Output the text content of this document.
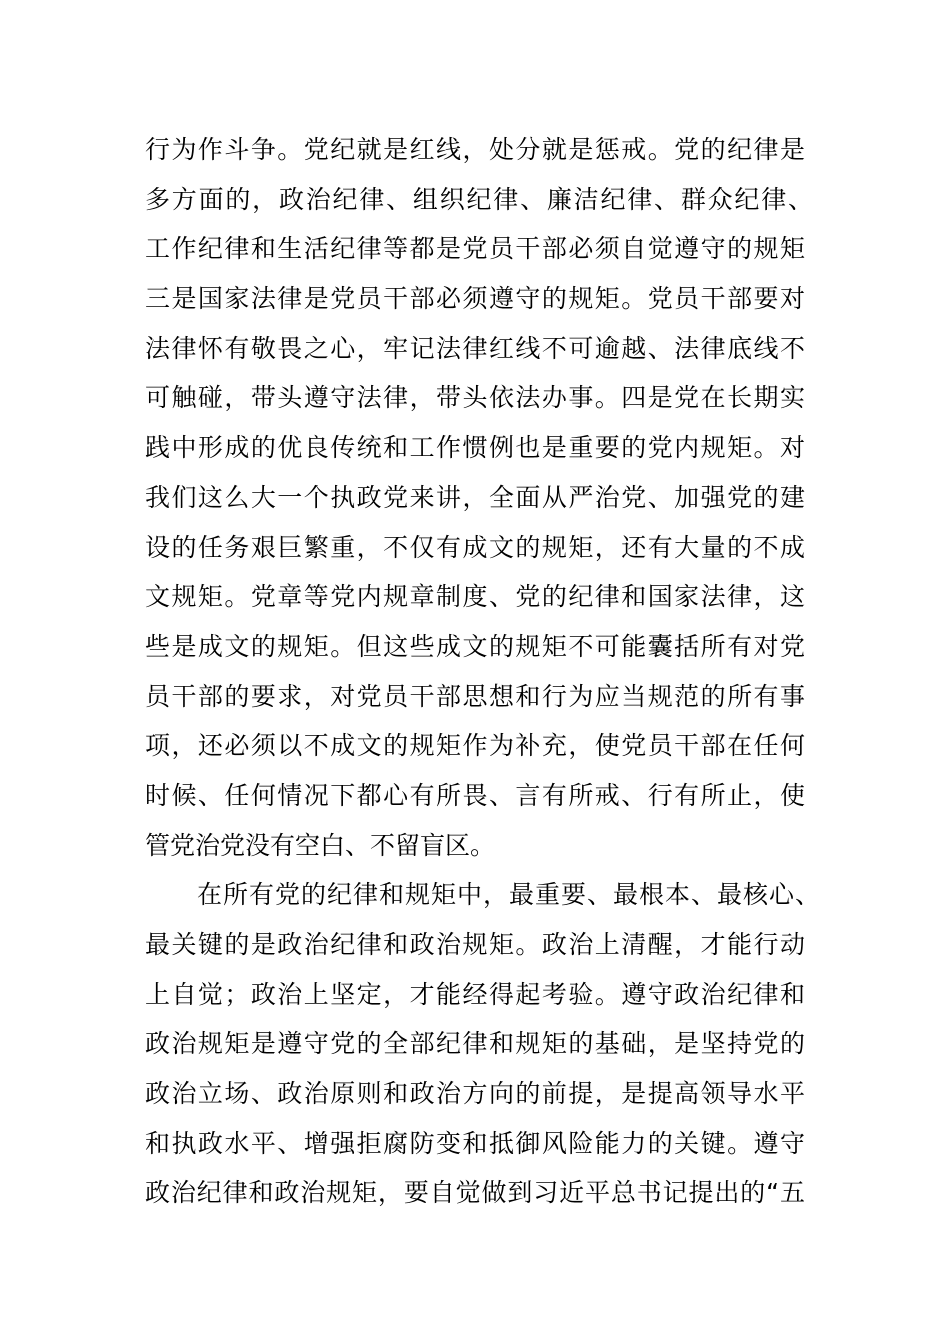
行为作斗争。党纪就是红线，处分就是惩戒。党的纪律是
多方面的，政治纪律、组织纪律、廉洁纪律、群众纪律、
工作纪律和生活纪律等都是党员干部必须自觉遵守的规矩
三是国家法律是党员干部必须遵守的规矩。党员干部要对
法律怀有敬畏之心，牢记法律红线不可逾越、法律底线不
可触碰，带头遵守法律，带头依法办事。四是党在长期实
践中形成的优良传统和工作惯例也是重要的党内规矩。对
我们这么大一个执政党来讲，全面从严治党、加强党的建
设的任务艰巨繁重，不仅有成文的规矩，还有大量的不成
文规矩。党章等党内规章制度、党的纪律和国家法律，这
些是成文的规矩。但这些成文的规矩不可能囊括所有对党
员干部的要求，对党员干部思想和行为应当规范的所有事
项，还必须以不成文的规矩作为补充，使党员干部在任何
时候、任何情况下都心有所畏、言有所戒、行有所止，使
管党治党没有空白、不留盲区。
在所有党的纪律和规矩中，最重要、最根本、最核心、
最关键的是政治纪律和政治规矩。政治上清醒，才能行动
上自觉；政治上坚定，才能经得起考验。遵守政治纪律和
政治规矩是遵守党的全部纪律和规矩的基础，是坚持党的
政治立场、政治原则和政治方向的前提，是提高领导水平
和执政水平、增强拒腐防变和抵御风险能力的关键。遵守
政治纪律和政治规矩，要自觉做到习近平总书记提出的“五
